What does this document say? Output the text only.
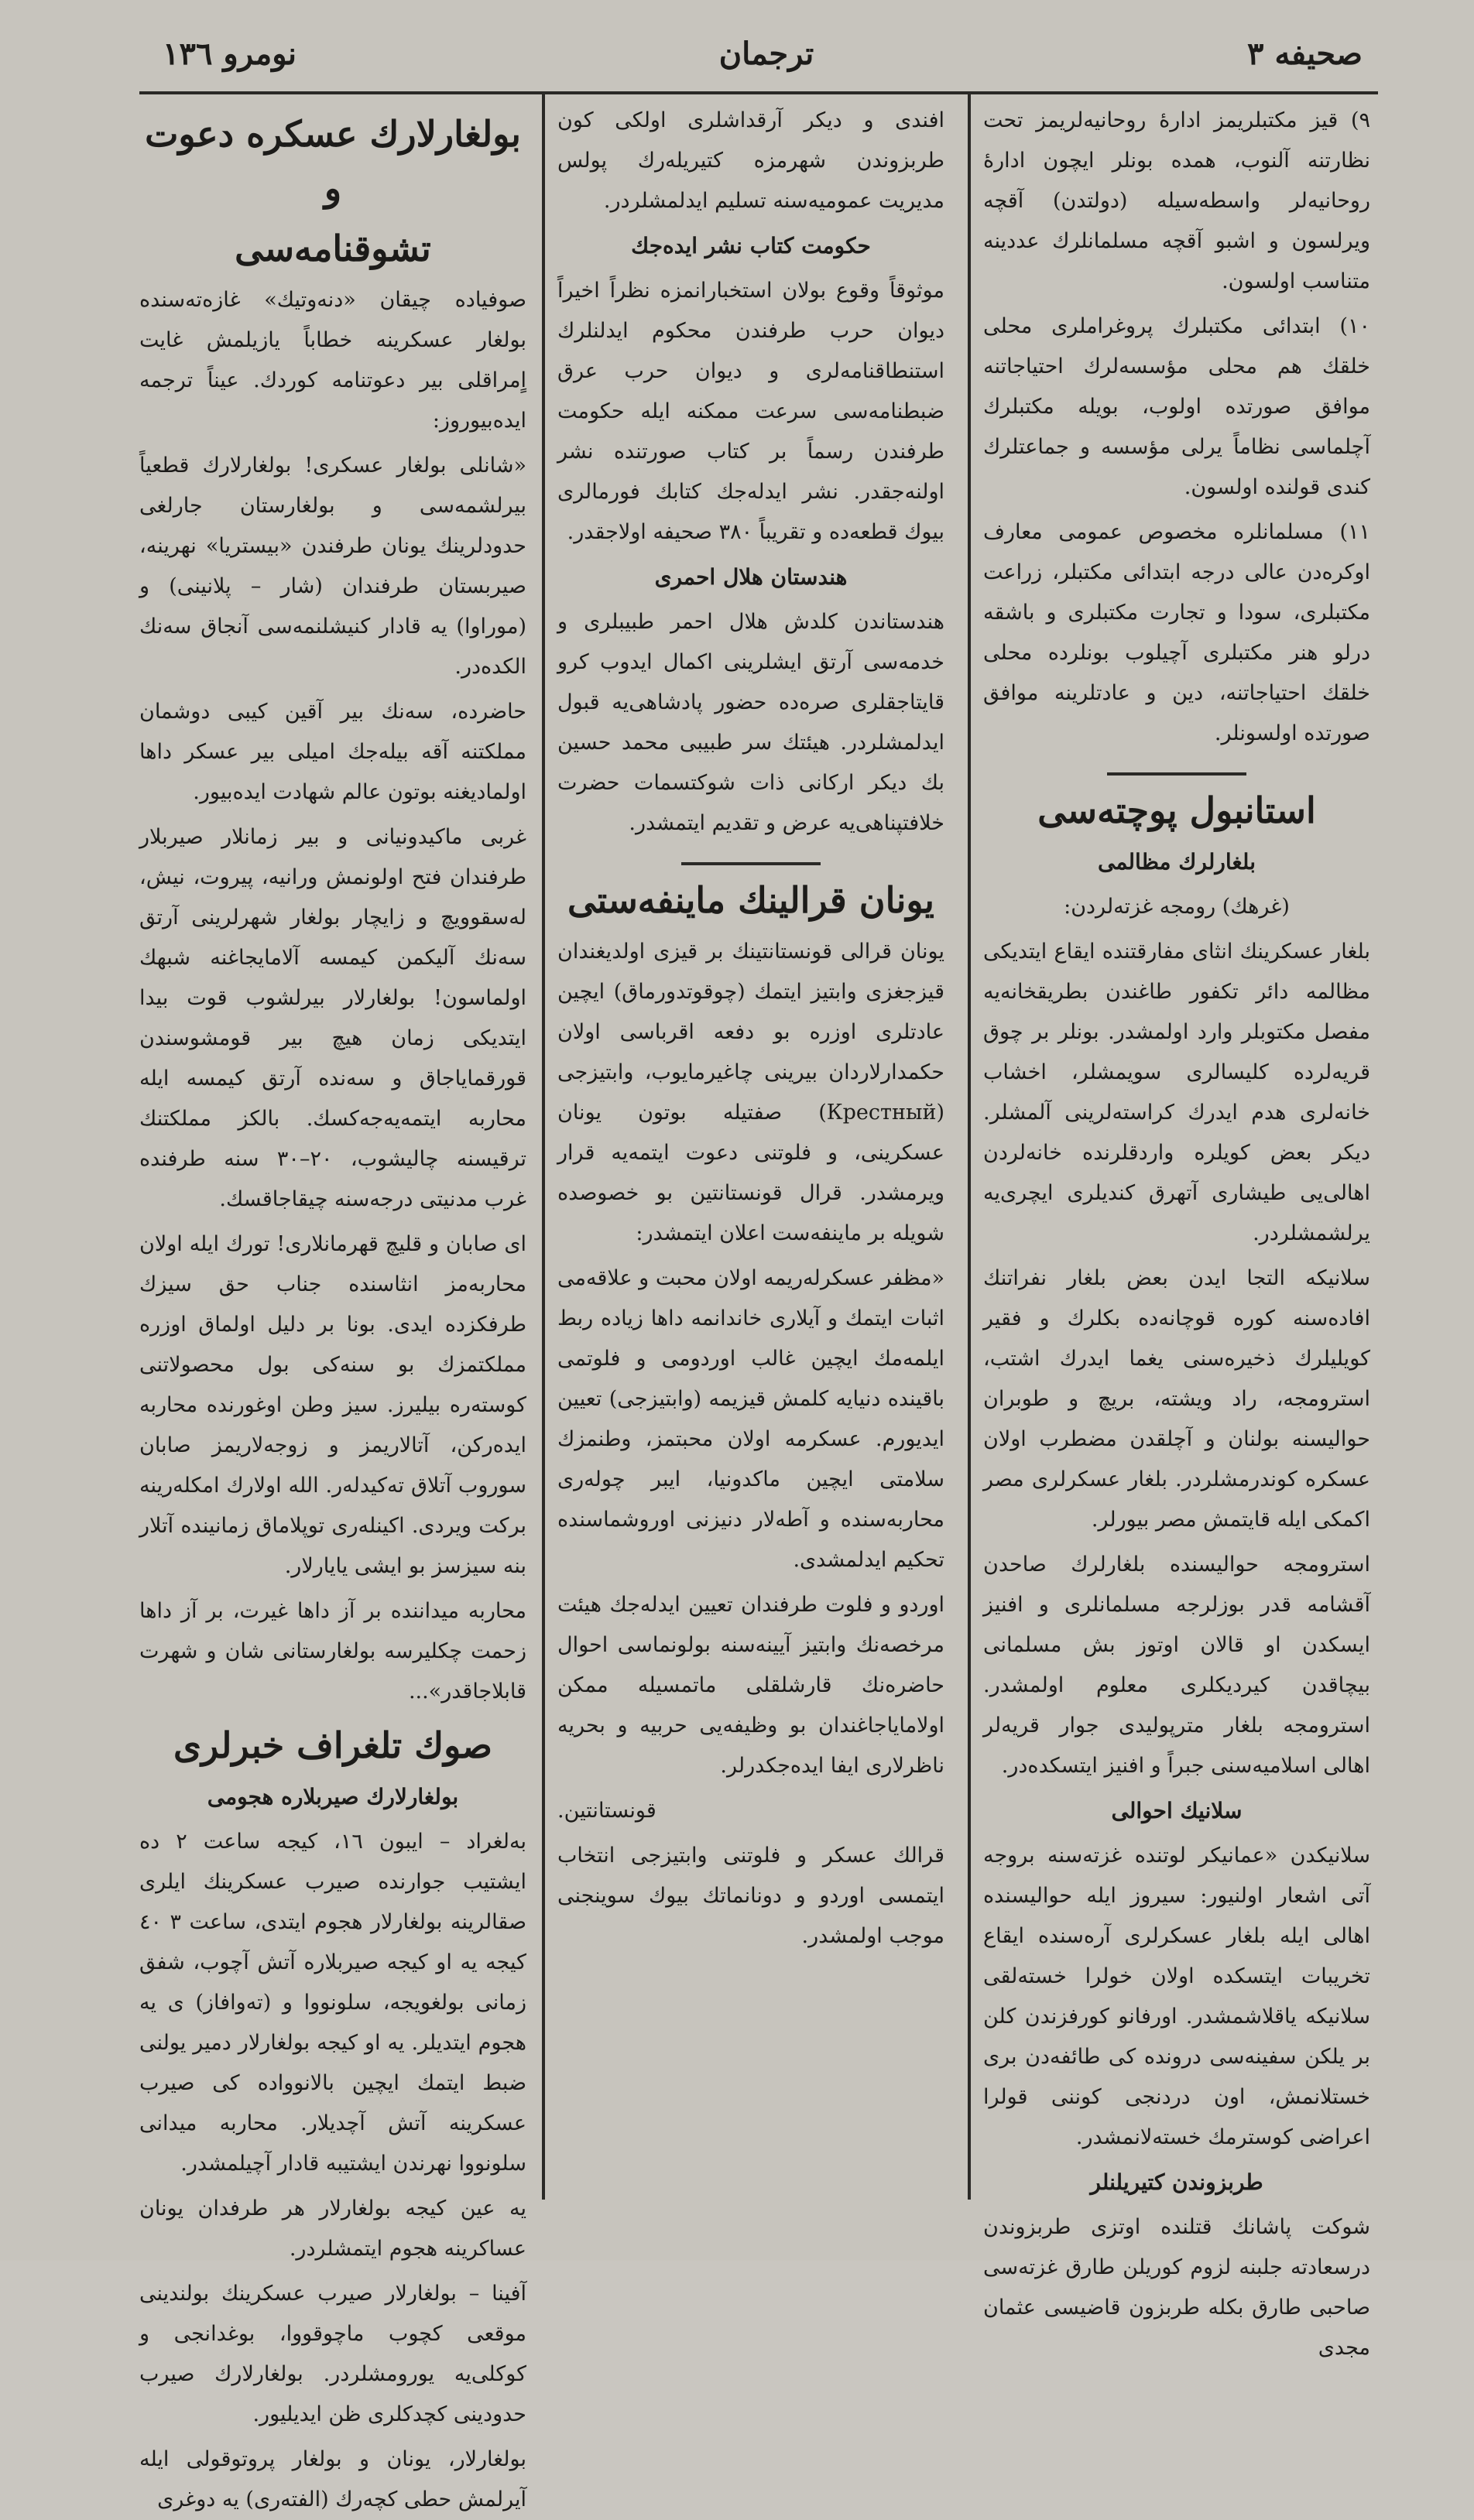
نومرو ١٣٦	ترجمان	صحيفه ٣

٩) قيز مكتبلريمز ادارهٔ روحانيه‌لريمز تحت نظارتنه آلنوب، همده بونلر ايچون اداره‌ٔ روحانيه‌لر واسطه‌سيله (دولتدن) آقچه ويرلسون و اشبو آقچه مسلمانلرك عددينه متناسب اولسون.

١٠) ابتدائى مكتبلرك پروغراملرى محلى خلقك هم محلى مؤسسه‌لرك احتياجاتنه موافق صورتده اولوب، بويله مكتبلرك آچلماسى نظاماً يرلى مؤسسه و جماعتلرك كندى قولنده اولسون.

١١) مسلمانلره مخصوص عمومى معارف اوكره‌دن عالى درجه ابتدائى مكتبلر، زراعت مكتبلرى، سودا و تجارت مكتبلرى و باشقه درلو هنر مكتبلرى آچيلوب بونلرده محلى خلقك احتياجاتنه، دين و عادتلرينه موافق صورتده اولسونلر.

استانبول پوچته‌سى
بلغارلرك مظالمى

(غرهك) رومجه غزته‌لردن:

بلغار عسكرينك انثاى مفارقتنده ايقاع ايتديكى مظالمه دائر تكفور طاغندن بطريقخانه‌يه مفصل مكتوبلر وارد اولمشدر. بونلر بر چوق قريه‌لرده كليسالرى سويمشلر، اخشاب خانه‌لرى هدم ايدرك كراسته‌لرينى آلمشلر. ديكر بعض كويلره واردقلرنده خانه‌لردن اهالى‌يى طيشارى آتهرق كنديلرى ايچرى‌يه يرلشمشلردر.

سلانيكه التجا ايدن بعض بلغار نفراتنك افاده‌سنه كوره قوچانه‌ده بكلرك و فقير كويليلرك ذخيره‌سنى يغما ايدرك اشتب، استرومجه، راد ويشته، بريچ و طوبران حوالیسنه بولنان و آچلقدن مضطرب اولان عسكره كوندرمشلردر. بلغار عسكرلرى مصر اكمكى ايله قايتمش مصر بيورلر.

استرومجه حواليسنده بلغارلرك صاحدن آقشامه قدر بوزلرجه مسلمانلرى و افنيز ايسكدن او قالان اوتوز بش مسلمانى بيچاقدن كيرديكلرى معلوم اولمشدر. استرومجه بلغار مترپوليدى جوار قريه‌لر اهالى اسلاميه‌سنى جبراً و افنيز ايتسكده‌در.

سلانيك احوالى

سلانيكدن «عمانيكر لوتنده غزته‌سنه بروجه آتى اشعار اولنيور: سيروز ايله حواليسنده اهالى ايله بلغار عسكرلرى آره‌سنده ايقاع تخريبات ايتسكده اولان خولرا خسته‌لقى سلانيكه ياقلاشمشدر. اورفانو كورفزندن كلن بر يلكن سفينه‌سى درونده كى طائفه‌دن برى خستلانمش، اون دردنجى كوننى قولرا اعراضى كوسترمك خسته‌لانمشدر.

طربزوندن كتيريلنلر

شوكت پاشانك قتلنده اوتزى طربزوندن درسعادته جلبنه لزوم كوريلن طارق غزته‌سى صاحبى طارق بكله طربزون قاضيسى عثمان مجدى

افندى و ديكر آرقداشلرى اولكى كون طربزوندن شهرمزه كتيريله‌رك پولس مديريت عموميه‌سنه تسليم ايدلمشلردر.

حكومت كتاب نشر ايده‌جك

موثوقاً وقوع بولان استخبارانمزه نظراً اخيراً ديوان حرب طرفندن محكوم ايدلنلرك استنطاقنامه‌لرى و ديوان حرب عرق ضبطنامه‌سى سرعت ممكنه ايله حكومت طرفندن رسماً بر كتاب صورتنده نشر اولنه‌جقدر. نشر ايدلەجك كتابك فورمالرى بيوك قطعه‌ده و تقريباً ٣٨٠ صحيفه اولاجقدر.

هندستان هلال احمرى

هندستاندن كلدش هلال احمر طبيبلرى و خدمه‌سى آرتق ايشلرينى اكمال ايدوب كرو قايتاجقلرى صره‌ده حضور پادشاهى‌يه قبول ايدلمشلردر. هيئتك سر طبيبى محمد حسين بك ديكر اركانى ذات شوكتسمات حضرت خلافتپناهى‌يه عرض و تقديم ايتمشدر.

يونان قرالينك ماينفه‌ستى

يونان قرالى قونستانتينك بر قيزى اولديغندان قيزجغزى وابتيز ايتمك (چوقوتدورماق) ايچين عادتلرى اوزره بو دفعه اقرباسى اولان حكمدارلاردان بيرينى چاغيرمايوب، وابتيزجى (Крестный) صفتيله بوتون يونان عسكرينى، و فلوتنى دعوت ايتمه‌يه قرار ويرمشدر. قرال قونستانتين بو خصوصده شويله بر ماينفه‌ست اعلان ايتمشدر:

«مظفر عسكرله‌ريمه اولان محبت و علاقه‌مى اثبات ايتمك و آيلارى خاندانمه داها زياده ربط ايلمه‌مك ايچين غالب اوردومى و فلوتمى باقينده دنيايه كلمش قيزيمه (وابتيزجى) تعيين ايديورم. عسكرمه اولان محبتمز، وطنمزك سلامتى ايچين ماكدونيا، ايبر چولەرى محاربه‌سنده و آطه‌لار دنيزنى اوروشماسنده تحكيم ايدلمشدى.

اوردو و فلوت طرفندان تعيين ايدله‌جك هيئت مرخصه‌نك وابتيز آيينه‌سنه بولونماسى احوال حاضره‌نك قارشلقلى ماتمسيله ممكن اولاماياجاغندان بو وظيفه‌يى حربيه و بحريه ناظرلارى ايفا ايده‌جكدرلر.

قونستانتين.

قرالك عسكر و فلوتنى وابتيزجى انتخاب ايتمسى اوردو و دونانماتك بيوك سوينجنى موجب اولمشدر.

بولغارلارك عسكره دعوت و
تشوقنامه‌سى

صوفياده چيقان «دنه‌وتيك» غازه‌ته‌سنده بولغار عسكرينه خطاباً يازيلمش غايت اٍمراقلى بير دعوتنامه كوردك. عيناً ترجمه ايده‌بيوروز:

«شانلى بولغار عسكرى! بولغارلارك قطعياً بيرلشمه‌سى و بولغارستان جارلغى حدودلرينك يونان طرفندن «بيستريا» نهرينه، صيربستان طرفندان (شار – پلانينى) و (موراوا) يه قادار كنيشلنمه‌سى آنجاق سه‌نك الكده‌در.

حاضرده، سه‌نك بير آقين كيبى دوشمان مملكتنه آقه بيله‌جك اميلى بير عسكر داها اولمادیغنه بوتون عالم شهادت ايده‌بيور.

غربى ماكيدونيانى و بير زمانلار صيربلار طرفندان فتح اولونمش ورانيه، پيروت، نيش، لەسقوويچ و زايچار بولغار شهرلرينى آرتق سه‌نك آليكمن كيمسه آلامايجاغنه شبهك اولماسون! بولغارلار بيرلشوب قوت بيدا ايتديكى زمان هيچ بير قومشوسندن قورقماياجاق و سه‌نده آرتق كيمسه ايله محاربه ايتمه‌يه‌جه‌كسك. بالكز مملكتنك ترقيسنه چاليشوب، ٢٠–٣٠ سنه طرفنده غرب مدنيتى درجه‌سنه چيقاجاقسك.

اى صابان و قليچ قهرمانلارى! تورك ايله اولان محاربه‌مز انثاسنده جناب حق سيزك طرفكزده ايدى. بونا بر دليل اولماق اوزره مملكتمزك بو سنه‌كى بول محصولاتنى كوسته‌ره بيليرز. سيز وطن اوغورنده محاربه ايدەركن، آتالاريمز و زوجه‌لاريمز صابان سوروب آتلاق ته‌كيدلەر. الله اولارك امكلەرينه بركت ويردى. اكينلەرى توپلاماق زمانينده آتلار بنه سيزسز بو ايشى يايارلار.

محاربه ميداننده بر آز داها غيرت، بر آز داها زحمت چكليرسه بولغارستانى شان و شهرت قابلاجاقدر»...

صوك تلغراف خبرلرى
بولغارلارك صيربلاره هجومى

بەلغراد – ايبون ١٦، كيجه ساعت ٢ ده ايشتيب جوارنده صيرب عسكرينك ايلرى صقالرينه بولغارلار هجوم ايتدى، ساعت ٣ ٤٠ كيجه يه او كيجه صيربلاره آتش آچوب، شفق زمانى بولغويجه، سلونووا و (تەوافاز) ى يه هجوم ايتديلر. يه او كيجه بولغارلار دمير يولنى ضبط ايتمك ايچين بالانووادە كى صيرب عسكرينه آتش آچديلار. محاربه ميدانى سلونووا نهرندن ايشتيبه قادار آچيلمشدر.

يه عين كيجه بولغارلار هر طرفدان يونان عساكرينه هجوم ايتمشلردر.

آفينا – بولغارلار صيرب عسكرينك بولندينى موقعى كچوب ماچوقووا، بوغدانجى و كوكلى‌يه يورومشلردر. بولغارلارك صيرب حدودينى كچدكلرى ظن ايديليور.

بولغارلار، يونان و بولغار پروتوقولى ايله آيرلمش حطى كچه‌رك (الفتەرى) يه دوغرى
